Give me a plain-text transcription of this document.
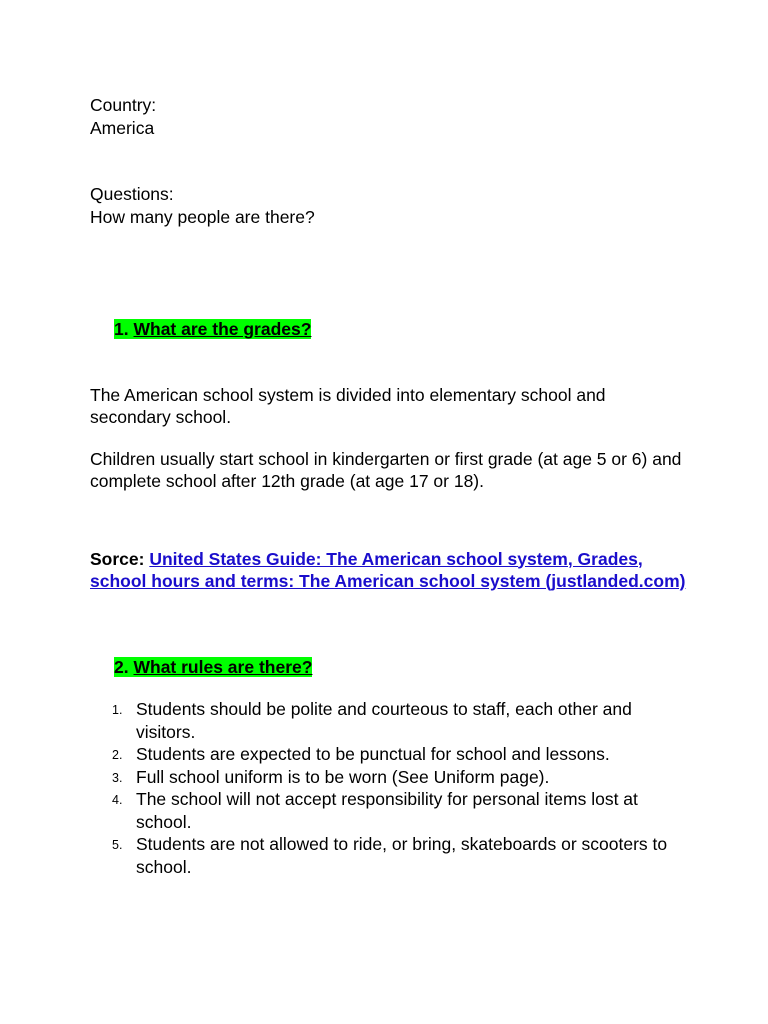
Country:

America

Questions:

How many people are there?

1. What are the grades?

The American school system is divided into elementary school and secondary school.

Children usually start school in kindergarten or first grade (at age 5 or 6) and complete school after 12th grade (at age 17 or 18).

Sorce: United States Guide: The American school system, Grades, school hours and terms: The American school system (justlanded.com)

2. What rules are there?

1. Students should be polite and courteous to staff, each other and visitors.
2. Students are expected to be punctual for school and lessons.
3. Full school uniform is to be worn (See Uniform page).
4. The school will not accept responsibility for personal items lost at school.
5. Students are not allowed to ride, or bring, skateboards or scooters to school.
